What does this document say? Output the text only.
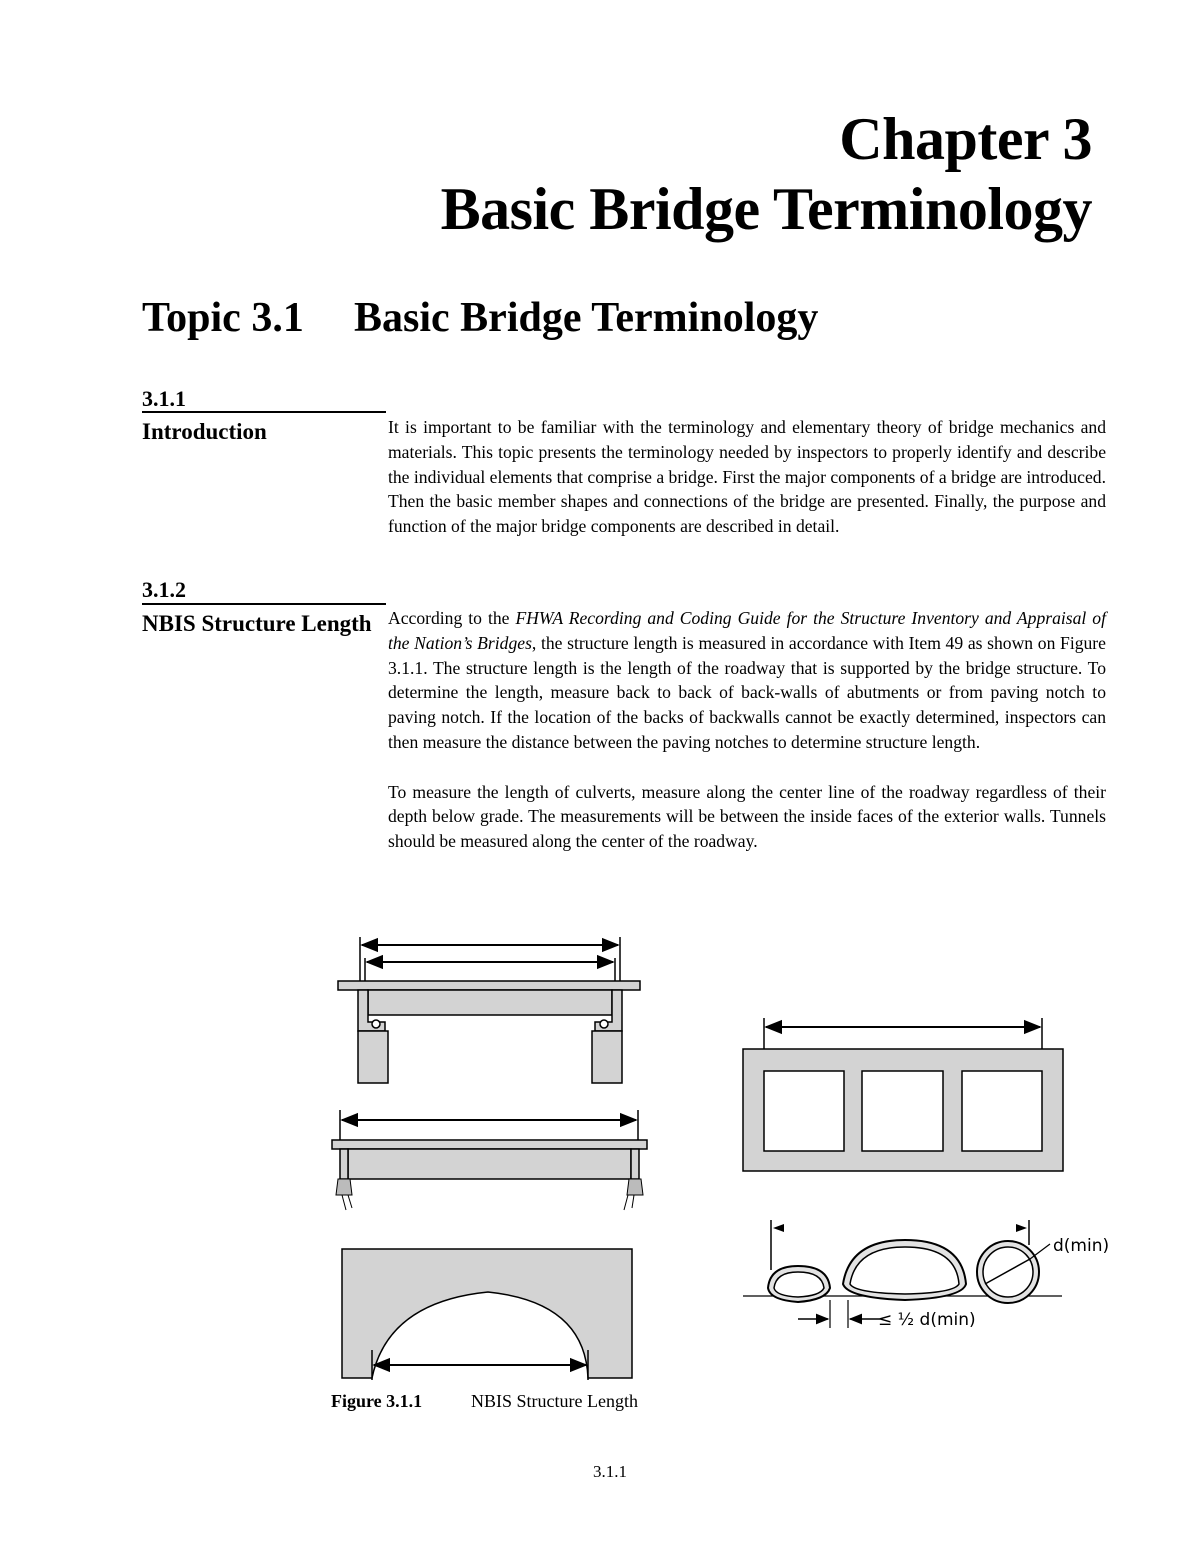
Chapter 3
Basic Bridge Terminology
Topic 3.1 Basic Bridge Terminology
3.1.1
Introduction	It is important to be familiar with the terminology and elementary theory of bridge mechanics and materials. This topic presents the terminology needed by inspectors to properly identify and describe the individual elements that comprise a bridge. First the major components of a bridge are introduced. Then the basic member shapes and connections of the bridge are presented. Finally, the purpose and function of the major bridge components are described in detail.

3.1.2
NBIS Structure Length According to the FHWA Recording and Coding Guide for the Structure Inventory and Appraisal of the Nation’s Bridges, the structure length is measured in accordance with Item 49 as shown on Figure 3.1.1. The structure length is the length of the roadway that is supported by the bridge structure. To determine the length, measure back to back of back-walls of abutments or from paving notch to paving notch. If the location of the backs of backwalls cannot be exactly determined, inspectors can then measure the distance between the paving notches to determine structure length.

To measure the length of culverts, measure along the center line of the roadway regardless of their depth below grade. The measurements will be between the inside faces of the exterior walls. Tunnels should be measured along the center of the roadway.

d(min)
≤ ½ d(min)
Figure 3.1.1	NBIS Structure Length
3.1.1
